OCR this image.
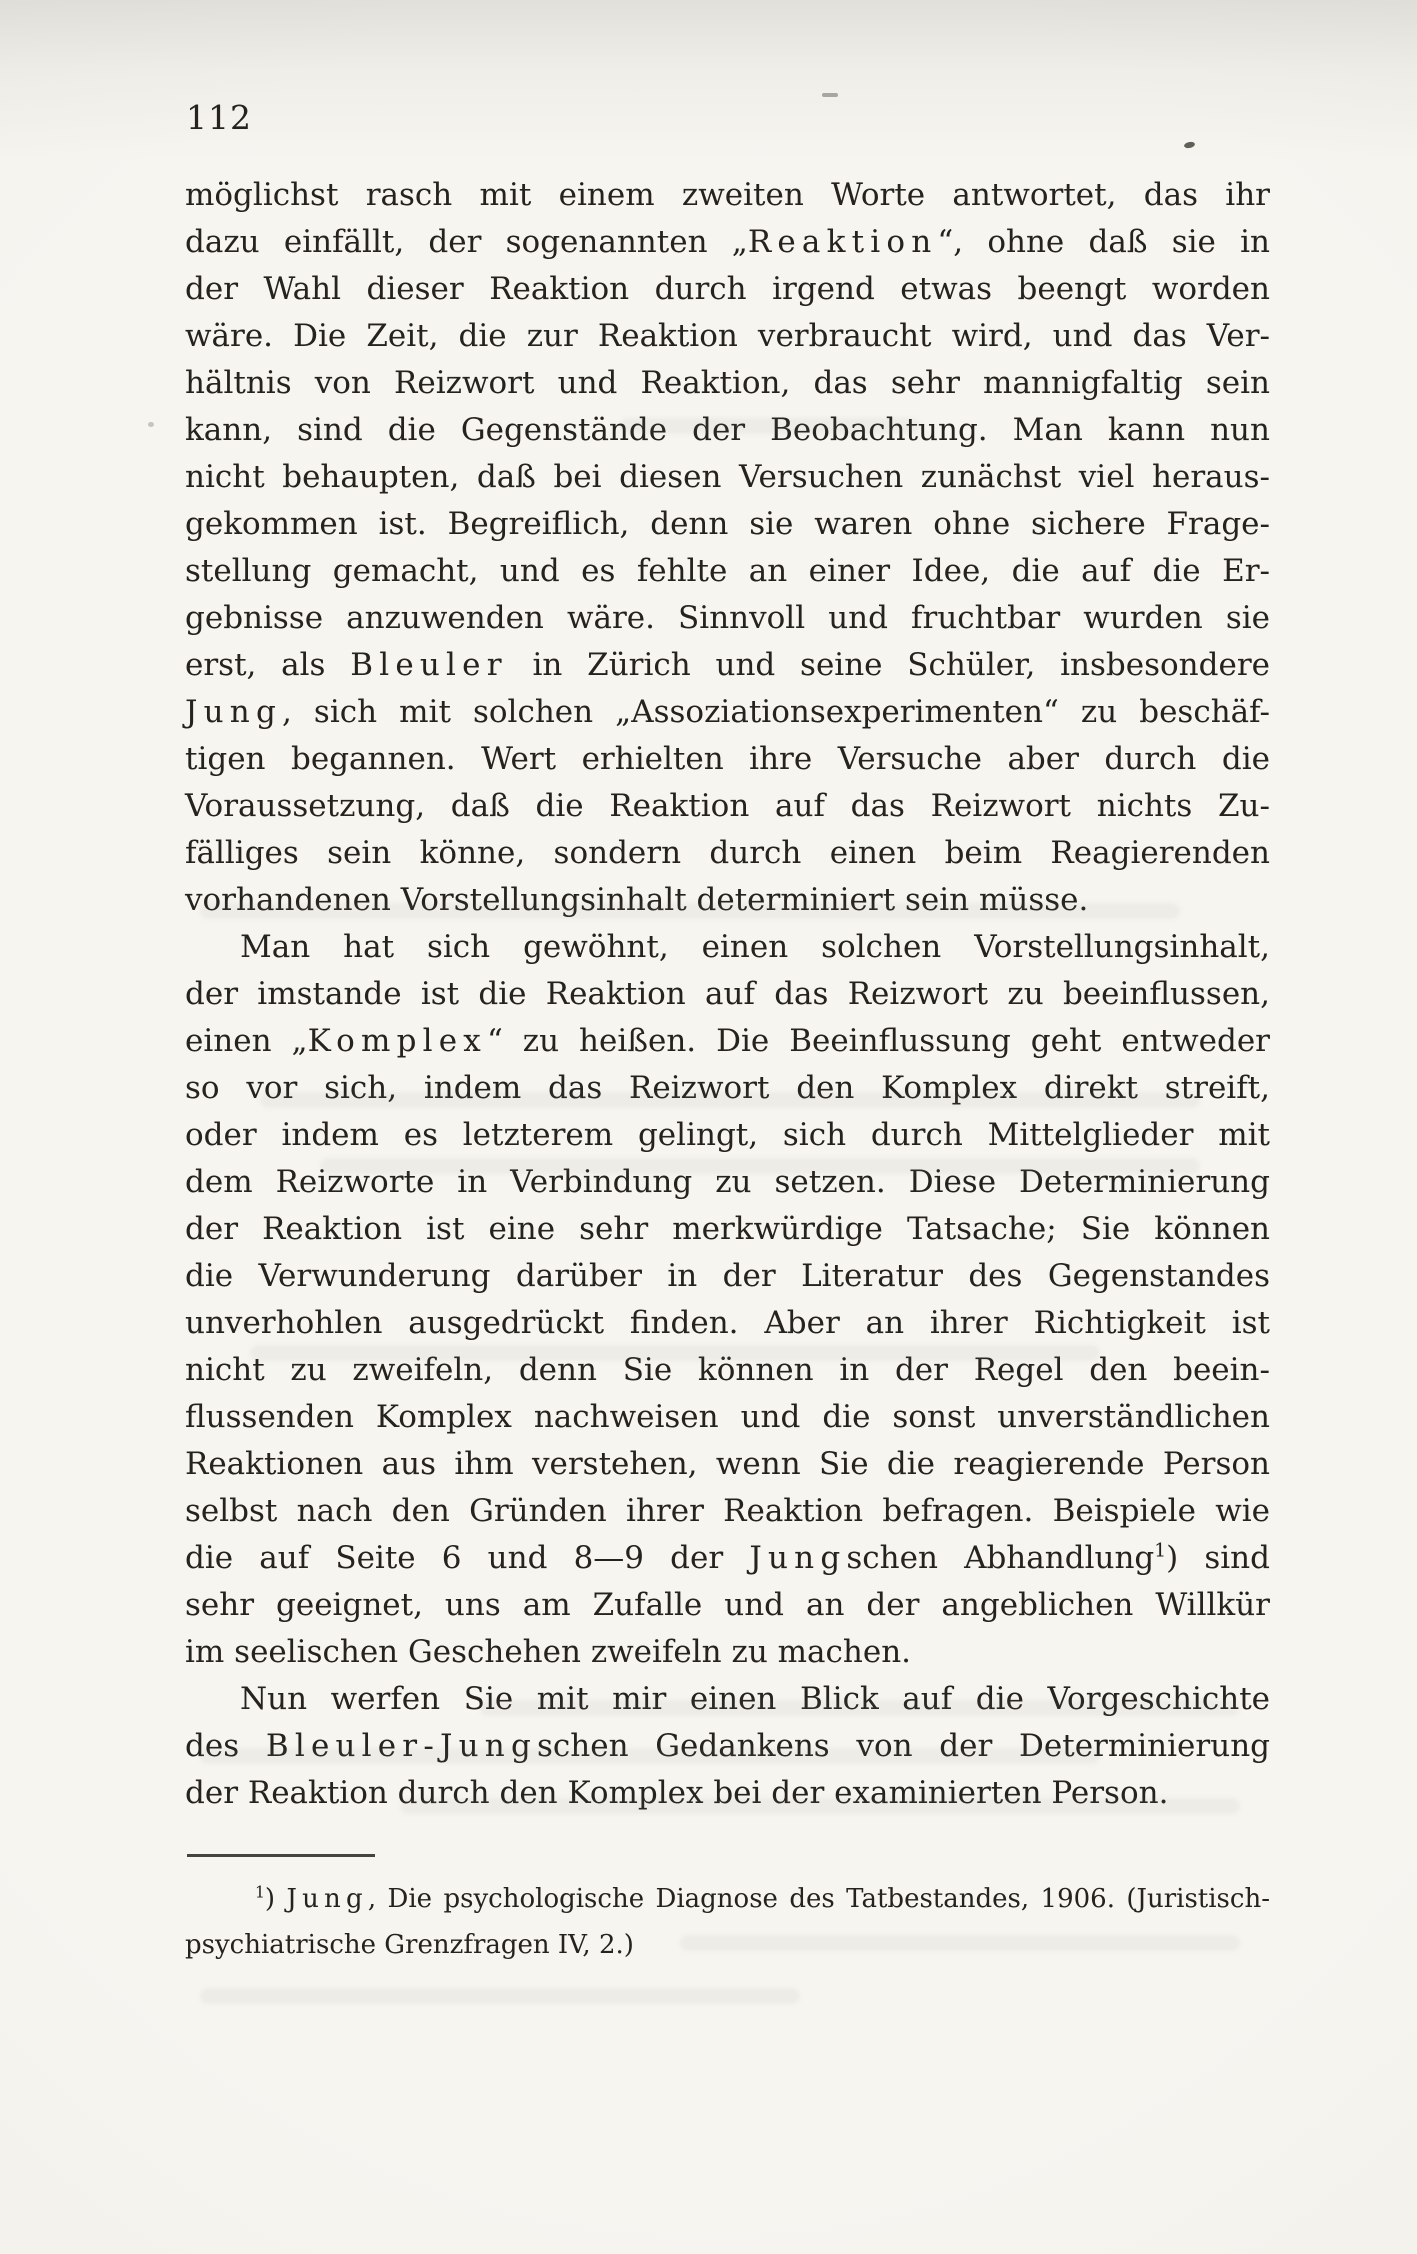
112
möglichst rasch mit einem zweiten Worte antwortet, das ihr
dazu einfällt, der sogenannten „Reaktion“, ohne daß sie in
der Wahl dieser Reaktion durch irgend etwas beengt worden
wäre. Die Zeit, die zur Reaktion verbraucht wird, und das Ver-
hältnis von Reizwort und Reaktion, das sehr mannigfaltig sein
kann, sind die Gegenstände der Beobachtung. Man kann nun
nicht behaupten, daß bei diesen Versuchen zunächst viel heraus-
gekommen ist. Begreiflich, denn sie waren ohne sichere Frage-
stellung gemacht, und es fehlte an einer Idee, die auf die Er-
gebnisse anzuwenden wäre. Sinnvoll und fruchtbar wurden sie
erst, als Bleuler in Zürich und seine Schüler, insbesondere
Jung, sich mit solchen „Assoziationsexperimenten“ zu beschäf-
tigen begannen. Wert erhielten ihre Versuche aber durch die
Voraussetzung, daß die Reaktion auf das Reizwort nichts Zu-
fälliges sein könne, sondern durch einen beim Reagierenden
vorhandenen Vorstellungsinhalt determiniert sein müsse.
Man hat sich gewöhnt, einen solchen Vorstellungsinhalt,
der imstande ist die Reaktion auf das Reizwort zu beeinflussen,
einen „Komplex“ zu heißen. Die Beeinflussung geht entweder
so vor sich, indem das Reizwort den Komplex direkt streift,
oder indem es letzterem gelingt, sich durch Mittelglieder mit
dem Reizworte in Verbindung zu setzen. Diese Determinierung
der Reaktion ist eine sehr merkwürdige Tatsache; Sie können
die Verwunderung darüber in der Literatur des Gegenstandes
unverhohlen ausgedrückt finden. Aber an ihrer Richtigkeit ist
nicht zu zweifeln, denn Sie können in der Regel den beein-
flussenden Komplex nachweisen und die sonst unverständlichen
Reaktionen aus ihm verstehen, wenn Sie die reagierende Person
selbst nach den Gründen ihrer Reaktion befragen. Beispiele wie
die auf Seite 6 und 8—9 der Jungschen Abhandlung$^1$) sind
sehr geeignet, uns am Zufalle und an der angeblichen Willkür
im seelischen Geschehen zweifeln zu machen.
Nun werfen Sie mit mir einen Blick auf die Vorgeschichte
des Bleuler-Jungschen Gedankens von der Determinierung
der Reaktion durch den Komplex bei der examinierten Person.
$^1$) Jung, Die psychologische Diagnose des Tatbestandes, 1906. (Juristisch-
psychiatrische Grenzfragen IV, 2.)
